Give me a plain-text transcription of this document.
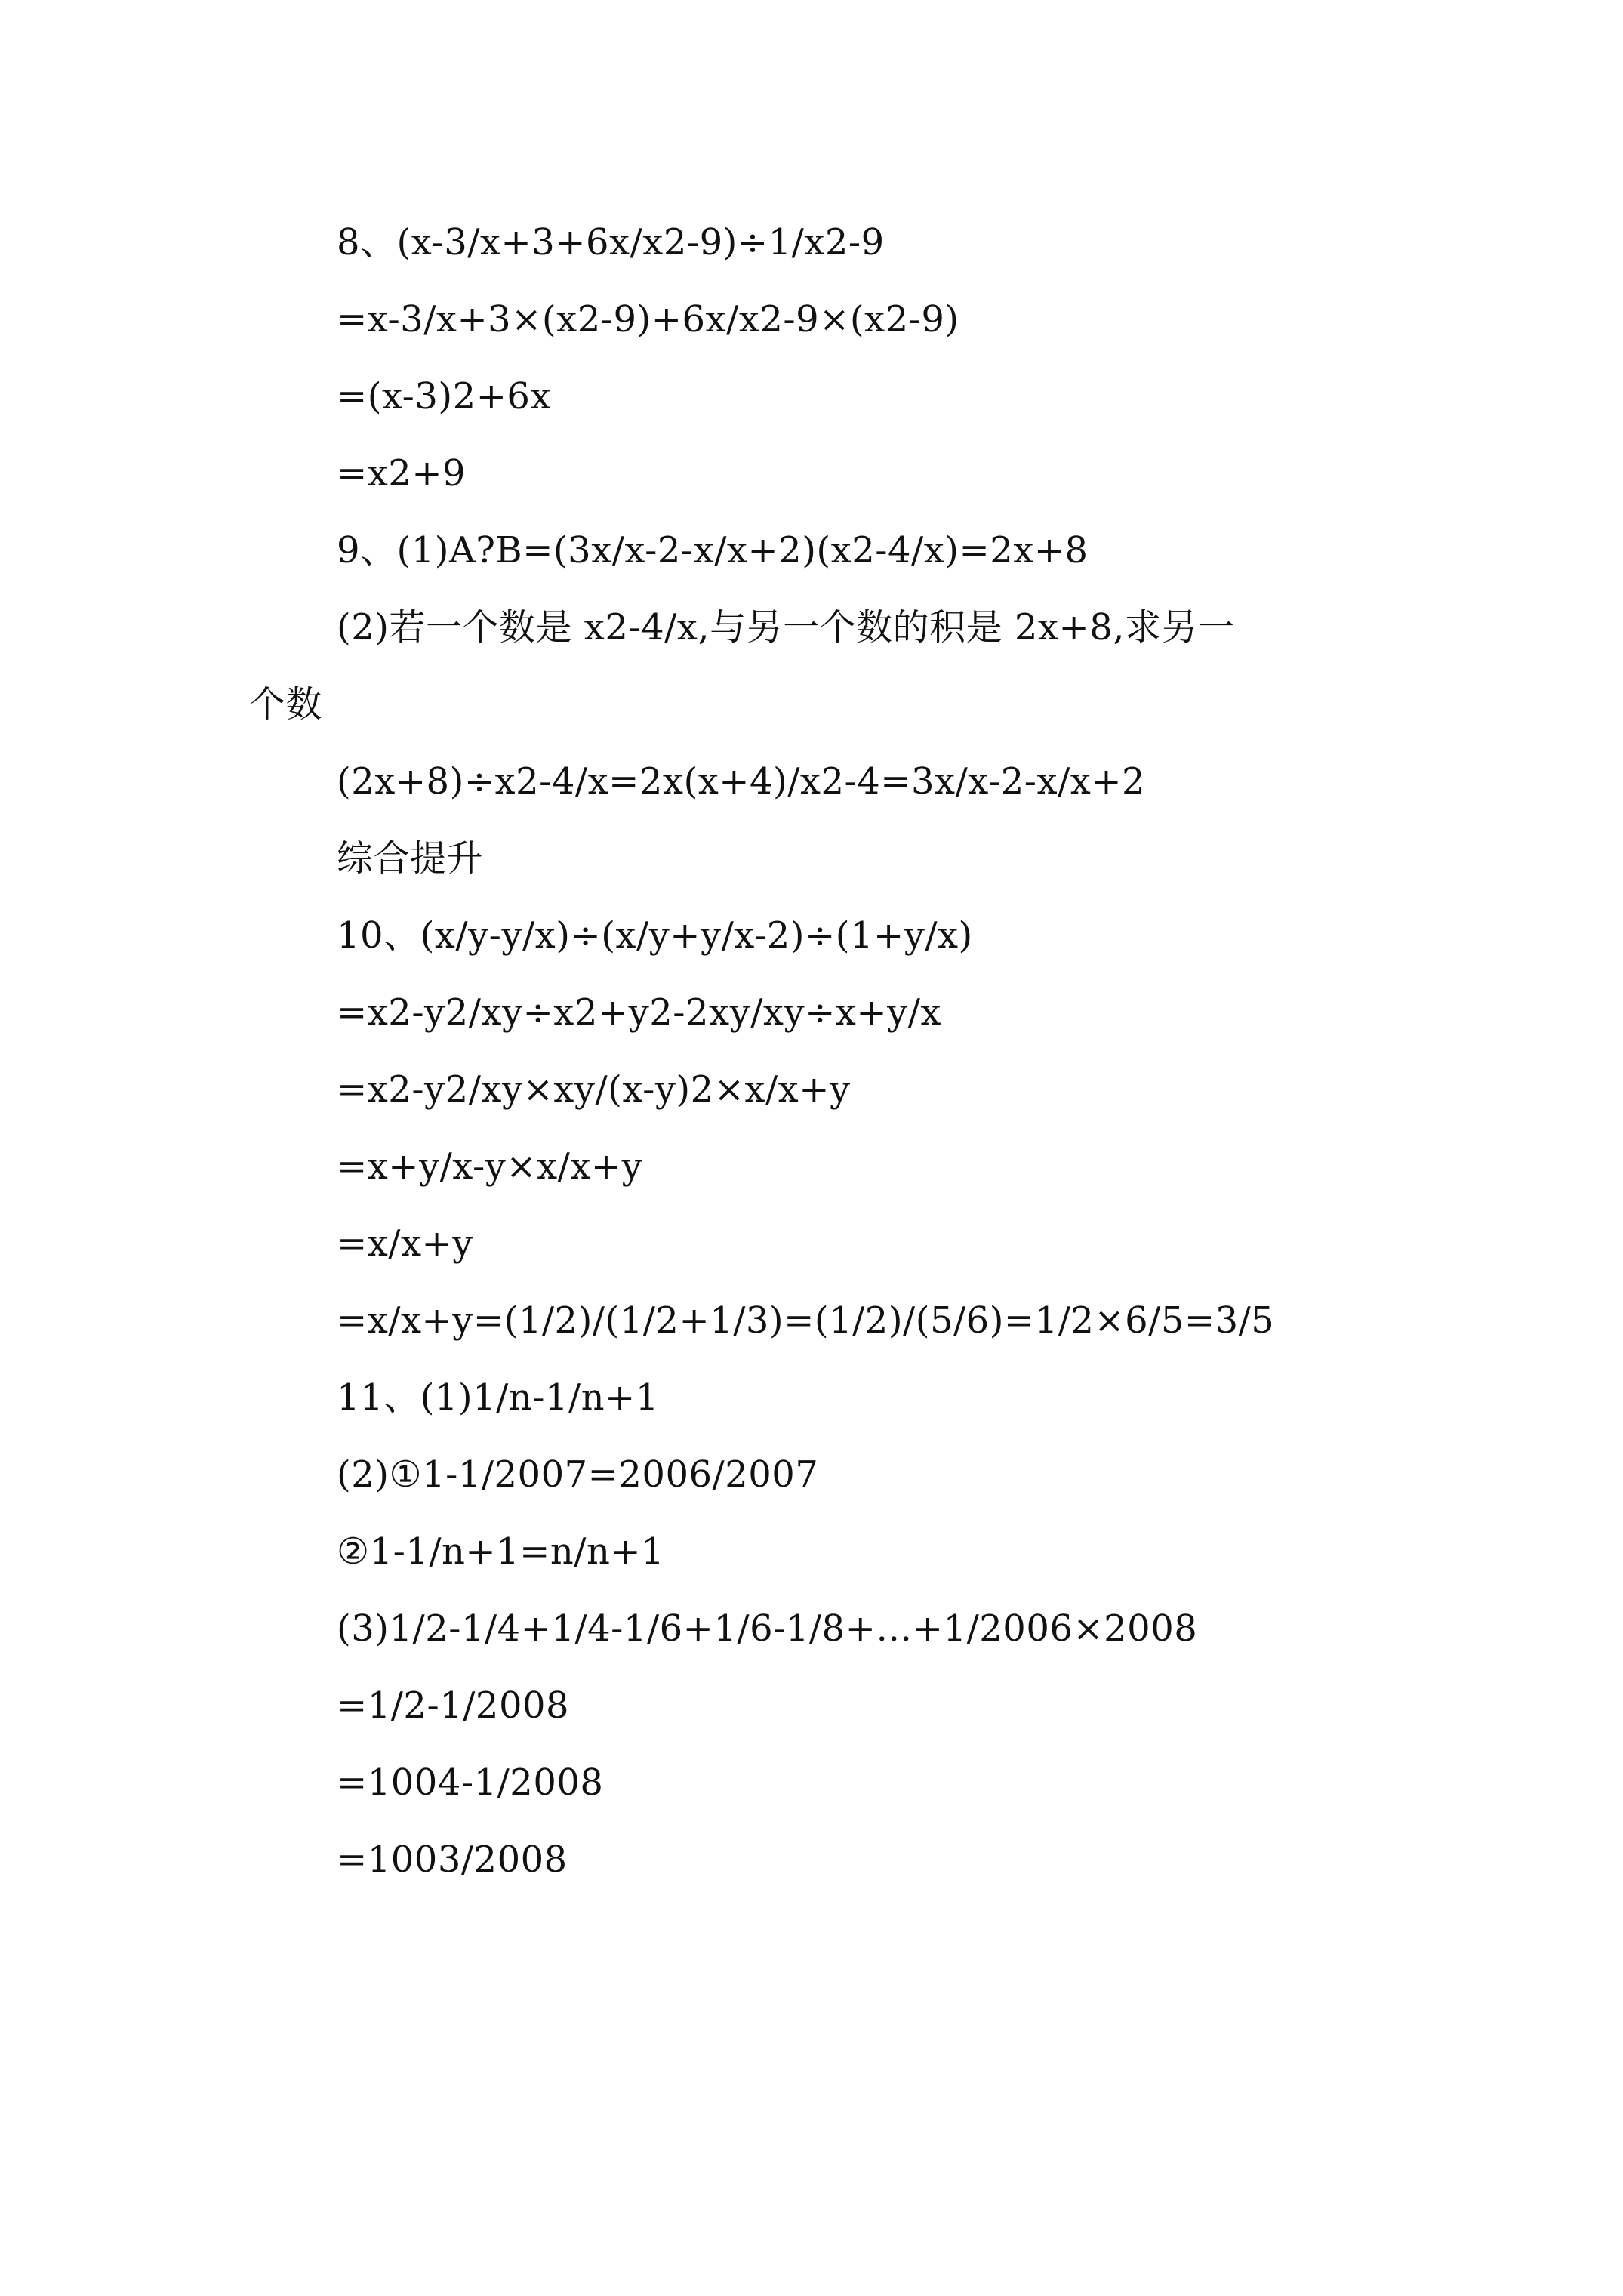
8、(x-3/x+3+6x/x2-9)÷1/x2-9
=x-3/x+3×(x2-9)+6x/x2-9×(x2-9)
=(x-3)2+6x
=x2+9
9、(1)A?B=(3x/x-2-x/x+2)(x2-4/x)=2x+8
(2)若一个数是 x2-4/x,与另一个数的积是 2x+8,求另一
个数
(2x+8)÷x2-4/x=2x(x+4)/x2-4=3x/x-2-x/x+2
综合提升
10、(x/y-y/x)÷(x/y+y/x-2)÷(1+y/x)
=x2-y2/xy÷x2+y2-2xy/xy÷x+y/x
=x2-y2/xy×xy/(x-y)2×x/x+y
=x+y/x-y×x/x+y
=x/x+y
=x/x+y=(1/2)/(1/2+1/3)=(1/2)/(5/6)=1/2×6/5=3/5
11、(1)1/n-1/n+1
(2)①1-1/2007=2006/2007
②1-1/n+1=n/n+1
(3)1/2-1/4+1/4-1/6+1/6-1/8+…+1/2006×2008
=1/2-1/2008
=1004-1/2008
=1003/2008
